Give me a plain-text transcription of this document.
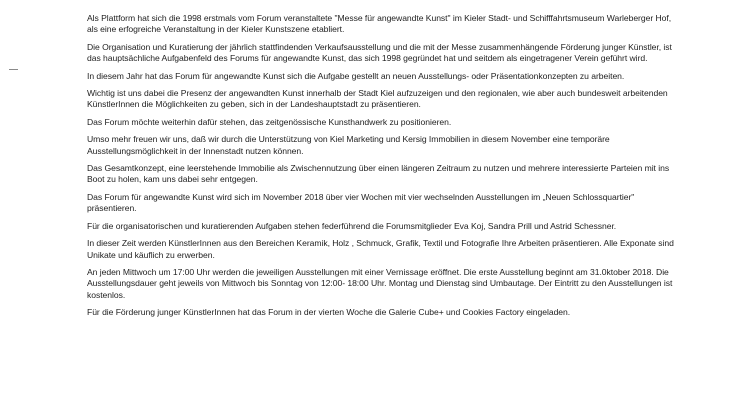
Als Plattform hat sich die 1998 erstmals vom Forum veranstaltete "Messe für angewandte Kunst" im Kieler Stadt- und Schifffahrtsmuseum Warleberger Hof, als eine erfogreiche Veranstaltung in der Kieler Kunstszene etabliert.

Die Organisation und Kuratierung der jährlich stattfindenden Verkaufsausstellung und die mit der Messe zusammenhängende Förderung junger Künstler, ist das hauptsächliche Aufgabenfeld des Forums für angewandte Kunst, das sich 1998 gegründet hat und seitdem als eingetragener Verein geführt wird.

In diesem Jahr hat das Forum für angewandte Kunst sich die Aufgabe gestellt an neuen Ausstellungs- oder Präsentationkonzepten zu arbeiten.

Wichtig ist uns dabei die Presenz der angewandten Kunst innerhalb der Stadt Kiel aufzuzeigen und den regionalen, wie aber auch bundesweit arbeitenden KünstlerInnen die Möglichkeiten zu geben, sich in der Landeshauptstadt zu präsentieren.

Das Forum möchte weiterhin dafür stehen, das zeitgenössische Kunsthandwerk zu positionieren.

Umso mehr freuen wir uns, daß wir durch die Unterstützung von Kiel Marketing und Kersig Immobilien in diesem November eine temporäre Ausstellungsmöglichkeit in der Innenstadt nutzen können.

Das Gesamtkonzept, eine leerstehende Immobilie als Zwischennutzung über einen längeren Zeitraum zu nutzen und mehrere interessierte Parteien mit ins Boot zu holen, kam uns dabei sehr entgegen.

Das Forum für angewandte Kunst wird sich im November 2018 über vier Wochen mit vier wechselnden Ausstellungen im „Neuen Schlossquartier" präsentieren.

Für die organisatorischen und kuratierenden Aufgaben stehen federführend die Forumsmitglieder Eva Koj, Sandra Prill und Astrid Schessner.

In dieser Zeit werden KünstlerInnen aus den Bereichen Keramik, Holz , Schmuck, Grafik, Textil und Fotografie Ihre Arbeiten präsentieren. Alle Exponate sind Unikate und käuflich zu erwerben.

An jeden Mittwoch um 17:00 Uhr werden die jeweiligen Ausstellungen mit einer Vernissage eröffnet. Die erste Ausstellung beginnt am 31.0ktober 2018. Die Ausstellungsdauer geht jeweils von Mittwoch bis Sonntag von 12:00- 18:00 Uhr. Montag und Dienstag sind Umbautage. Der Eintritt zu den Ausstellungen ist kostenlos.

Für die Förderung junger KünstlerInnen hat das Forum in der vierten Woche die Galerie Cube+ und Cookies Factory eingeladen.
